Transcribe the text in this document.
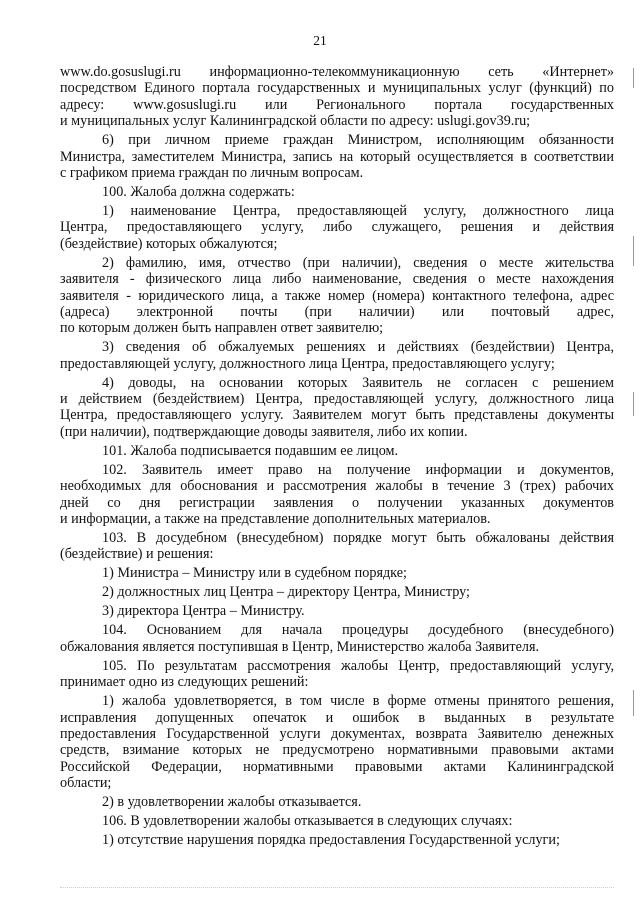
21
www.do.gosuslugi.ru информационно-телекоммуникационную сеть «Интернет»
посредством Единого портала государственных и муниципальных услуг (функций) по
адресу: www.gosuslugi.ru или Регионального портала государственных
и муниципальных услуг Калининградской области по адресу: uslugi.gov39.ru;
6) при личном приеме граждан Министром, исполняющим обязанности
Министра, заместителем Министра, запись на который осуществляется в соответствии
с графиком приема граждан по личным вопросам.
100. Жалоба должна содержать:
1) наименование Центра, предоставляющей услугу, должностного лица
Центра, предоставляющего услугу, либо служащего, решения и действия
(бездействие) которых обжалуются;
2) фамилию, имя, отчество (при наличии), сведения о месте жительства
заявителя - физического лица либо наименование, сведения о месте нахождения
заявителя - юридического лица, а также номер (номера) контактного телефона, адрес
(адреса) электронной почты (при наличии) или почтовый адрес,
по которым должен быть направлен ответ заявителю;
3) сведения об обжалуемых решениях и действиях (бездействии) Центра,
предоставляющей услугу, должностного лица Центра, предоставляющего услугу;
4) доводы, на основании которых Заявитель не согласен с решением
и действием (бездействием) Центра, предоставляющей услугу, должностного лица
Центра, предоставляющего услугу. Заявителем могут быть представлены документы
(при наличии), подтверждающие доводы заявителя, либо их копии.
101. Жалоба подписывается подавшим ее лицом.
102. Заявитель имеет право на получение информации и документов,
необходимых для обоснования и рассмотрения жалобы в течение 3 (трех) рабочих
дней со дня регистрации заявления о получении указанных документов
и информации, а также на представление дополнительных материалов.
103. В досудебном (внесудебном) порядке могут быть обжалованы действия
(бездействие) и решения:
1) Министра – Министру или в судебном порядке;
2) должностных лиц Центра – директору Центра, Министру;
3) директора Центра – Министру.
104. Основанием для начала процедуры досудебного (внесудебного)
обжалования является поступившая в Центр, Министерство жалоба Заявителя.
105. По результатам рассмотрения жалобы Центр, предоставляющий услугу,
принимает одно из следующих решений:
1) жалоба удовлетворяется, в том числе в форме отмены принятого решения,
исправления допущенных опечаток и ошибок в выданных в результате
предоставления Государственной услуги документах, возврата Заявителю денежных
средств, взимание которых не предусмотрено нормативными правовыми актами
Российской Федерации, нормативными правовыми актами Калининградской
области;
2) в удовлетворении жалобы отказывается.
106. В удовлетворении жалобы отказывается в следующих случаях:
1) отсутствие нарушения порядка предоставления Государственной услуги;
